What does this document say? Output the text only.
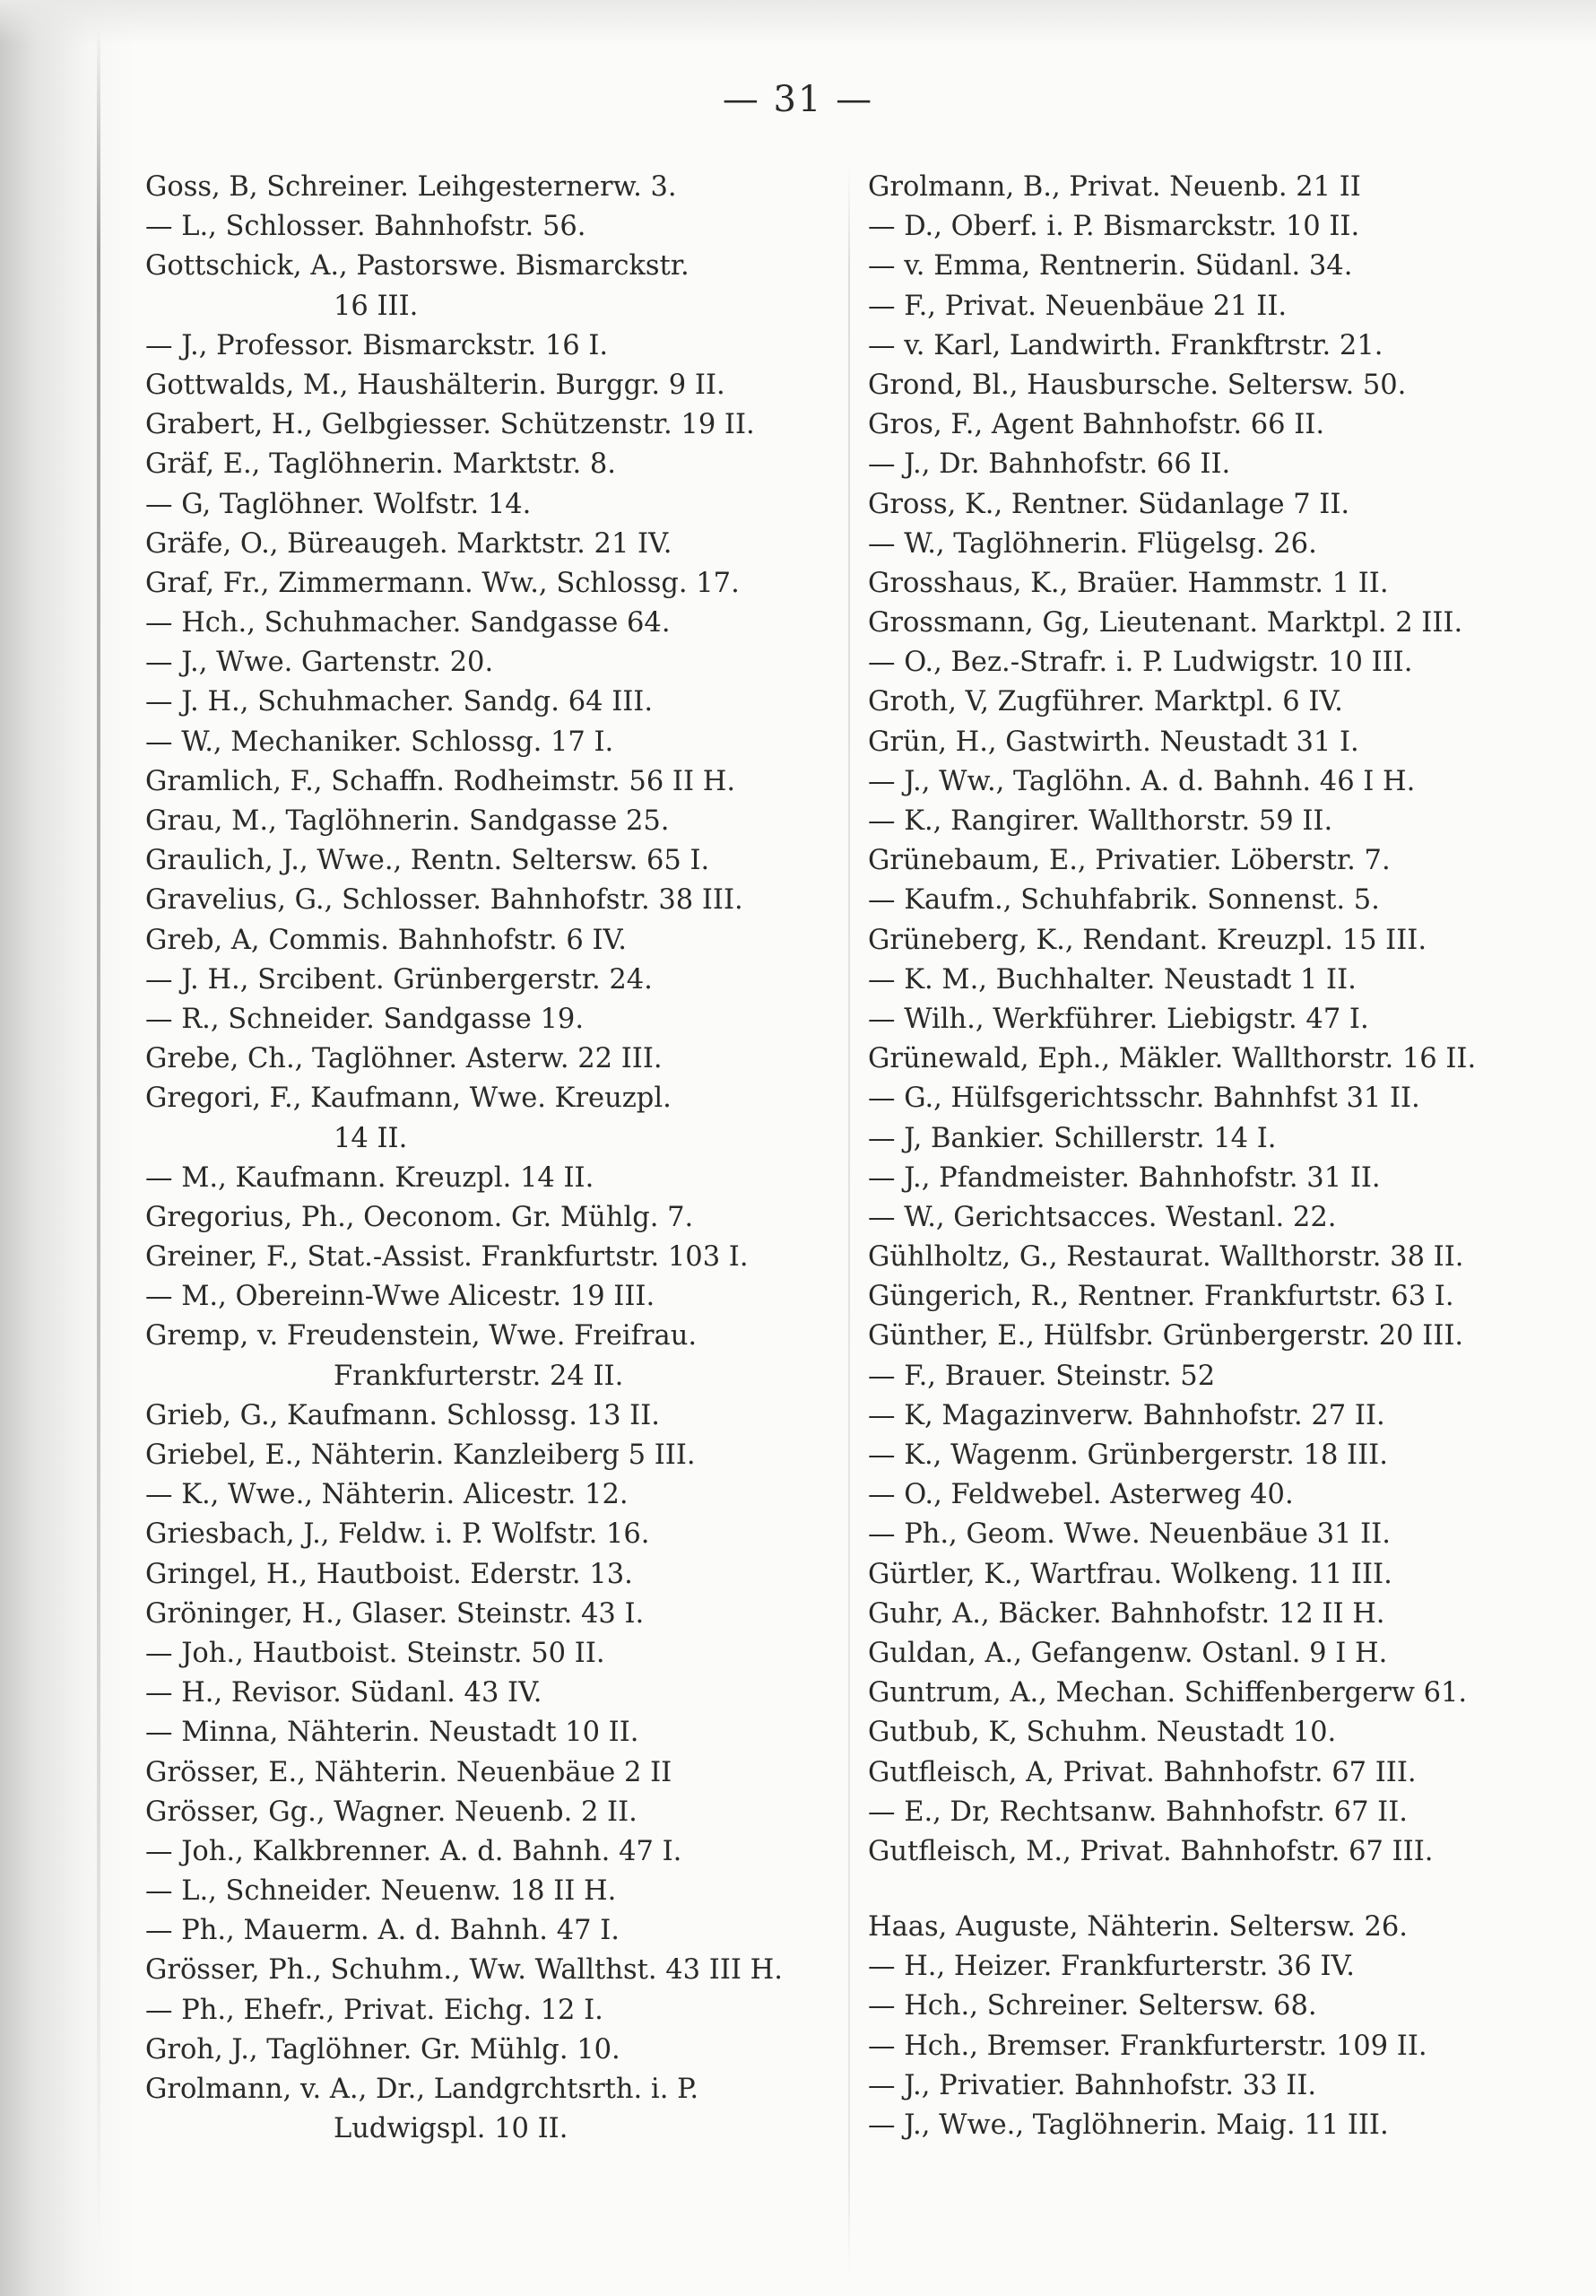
— 31 —
Goss, B, Schreiner. Leihgesternerw. 3.
— L., Schlosser. Bahnhofstr. 56.
Gottschick, A., Pastorswe. Bismarckstr.
16 III.
— J., Professor. Bismarckstr. 16 I.
Gottwalds, M., Haushälterin. Burggr. 9 II.
Grabert, H., Gelbgiesser. Schützenstr. 19 II.
Gräf, E., Taglöhnerin. Marktstr. 8.
— G, Taglöhner. Wolfstr. 14.
Gräfe, O., Büreaugeh. Marktstr. 21 IV.
Graf, Fr., Zimmermann. Ww., Schlossg. 17.
— Hch., Schuhmacher. Sandgasse 64.
— J., Wwe. Gartenstr. 20.
— J. H., Schuhmacher. Sandg. 64 III.
— W., Mechaniker. Schlossg. 17 I.
Gramlich, F., Schaffn. Rodheimstr. 56 II H.
Grau, M., Taglöhnerin. Sandgasse 25.
Graulich, J., Wwe., Rentn. Seltersw. 65 I.
Gravelius, G., Schlosser. Bahnhofstr. 38 III.
Greb, A, Commis. Bahnhofstr. 6 IV.
— J. H., Srcibent. Grünbergerstr. 24.
— R., Schneider. Sandgasse 19.
Grebe, Ch., Taglöhner. Asterw. 22 III.
Gregori, F., Kaufmann, Wwe. Kreuzpl.
14 II.
— M., Kaufmann. Kreuzpl. 14 II.
Gregorius, Ph., Oeconom. Gr. Mühlg. 7.
Greiner, F., Stat.-Assist. Frankfurtstr. 103 I.
— M., Obereinn-Wwe Alicestr. 19 III.
Gremp, v. Freudenstein, Wwe. Freifrau.
Frankfurterstr. 24 II.
Grieb, G., Kaufmann. Schlossg. 13 II.
Griebel, E., Nähterin. Kanzleiberg 5 III.
— K., Wwe., Nähterin. Alicestr. 12.
Griesbach, J., Feldw. i. P. Wolfstr. 16.
Gringel, H., Hautboist. Ederstr. 13.
Gröninger, H., Glaser. Steinstr. 43 I.
— Joh., Hautboist. Steinstr. 50 II.
— H., Revisor. Südanl. 43 IV.
— Minna, Nähterin. Neustadt 10 II.
Grösser, E., Nähterin. Neuenbäue 2 II
Grösser, Gg., Wagner. Neuenb. 2 II.
— Joh., Kalkbrenner. A. d. Bahnh. 47 I.
— L., Schneider. Neuenw. 18 II H.
— Ph., Mauerm. A. d. Bahnh. 47 I.
Grösser, Ph., Schuhm., Ww. Wallthst. 43 III H.
— Ph., Ehefr., Privat. Eichg. 12 I.
Groh, J., Taglöhner. Gr. Mühlg. 10.
Grolmann, v. A., Dr., Landgrchtsrth. i. P.
Ludwigspl. 10 II.
Grolmann, B., Privat. Neuenb. 21 II
— D., Oberf. i. P. Bismarckstr. 10 II.
— v. Emma, Rentnerin. Südanl. 34.
— F., Privat. Neuenbäue 21 II.
— v. Karl, Landwirth. Frankftrstr. 21.
Grond, Bl., Hausbursche. Seltersw. 50.
Gros, F., Agent Bahnhofstr. 66 II.
— J., Dr. Bahnhofstr. 66 II.
Gross, K., Rentner. Südanlage 7 II.
— W., Taglöhnerin. Flügelsg. 26.
Grosshaus, K., Braüer. Hammstr. 1 II.
Grossmann, Gg, Lieutenant. Marktpl. 2 III.
— O., Bez.-Strafr. i. P. Ludwigstr. 10 III.
Groth, V, Zugführer. Marktpl. 6 IV.
Grün, H., Gastwirth. Neustadt 31 I.
— J., Ww., Taglöhn. A. d. Bahnh. 46 I H.
— K., Rangirer. Wallthorstr. 59 II.
Grünebaum, E., Privatier. Löberstr. 7.
— Kaufm., Schuhfabrik. Sonnenst. 5.
Grüneberg, K., Rendant. Kreuzpl. 15 III.
— K. M., Buchhalter. Neustadt 1 II.
— Wilh., Werkführer. Liebigstr. 47 I.
Grünewald, Eph., Mäkler. Wallthorstr. 16 II.
— G., Hülfsgerichtsschr. Bahnhfst 31 II.
— J, Bankier. Schillerstr. 14 I.
— J., Pfandmeister. Bahnhofstr. 31 II.
— W., Gerichtsacces. Westanl. 22.
Gühlholtz, G., Restaurat. Wallthorstr. 38 II.
Güngerich, R., Rentner. Frankfurtstr. 63 I.
Günther, E., Hülfsbr. Grünbergerstr. 20 III.
— F., Brauer. Steinstr. 52
— K, Magazinverw. Bahnhofstr. 27 II.
— K., Wagenm. Grünbergerstr. 18 III.
— O., Feldwebel. Asterweg 40.
— Ph., Geom. Wwe. Neuenbäue 31 II.
Gürtler, K., Wartfrau. Wolkeng. 11 III.
Guhr, A., Bäcker. Bahnhofstr. 12 II H.
Guldan, A., Gefangenw. Ostanl. 9 I H.
Guntrum, A., Mechan. Schiffenbergerw 61.
Gutbub, K, Schuhm. Neustadt 10.
Gutfleisch, A, Privat. Bahnhofstr. 67 III.
— E., Dr, Rechtsanw. Bahnhofstr. 67 II.
Gutfleisch, M., Privat. Bahnhofstr. 67 III.
Haas, Auguste, Nähterin. Seltersw. 26.
— H., Heizer. Frankfurterstr. 36 IV.
— Hch., Schreiner. Seltersw. 68.
— Hch., Bremser. Frankfurterstr. 109 II.
— J., Privatier. Bahnhofstr. 33 II.
— J., Wwe., Taglöhnerin. Maig. 11 III.
